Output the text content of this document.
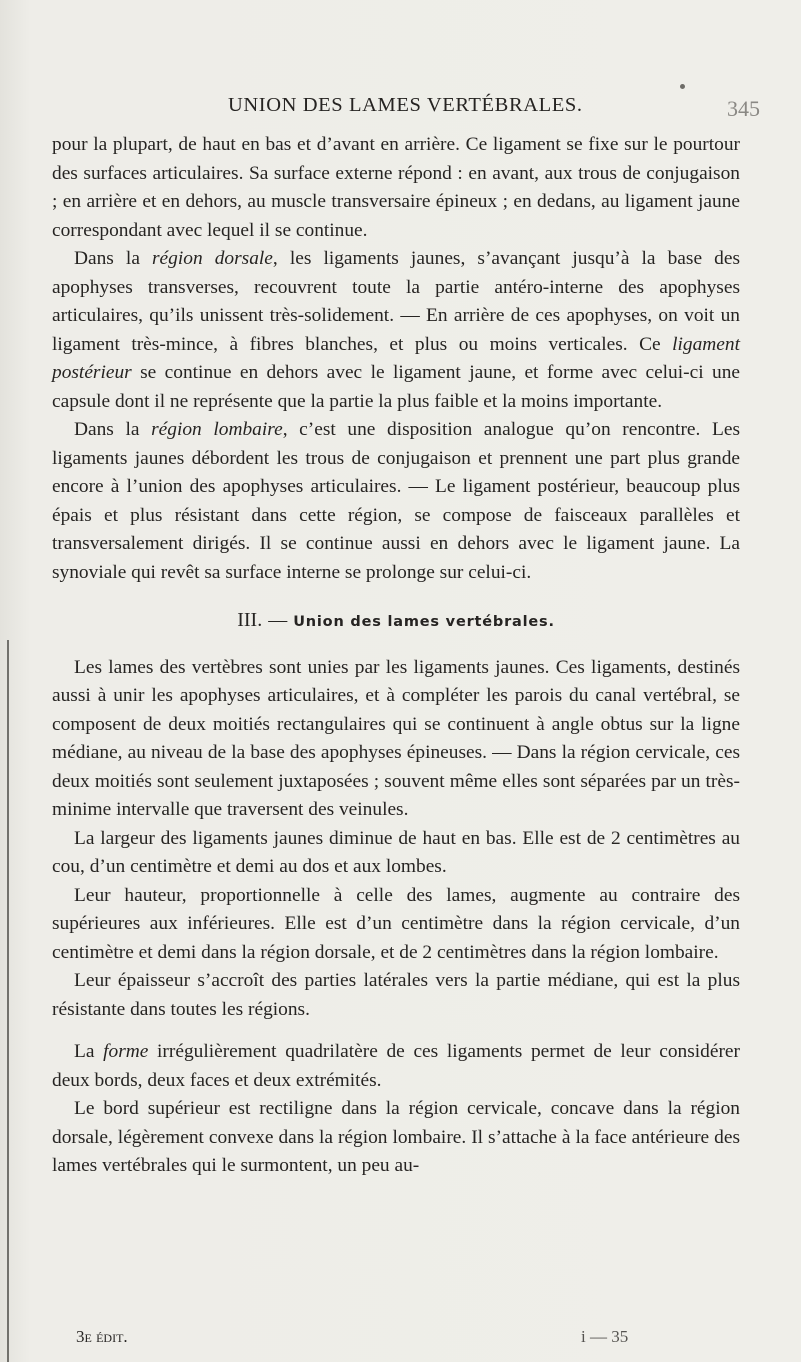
UNION DES LAMES VERTÉBRALES.	345

pour la plupart, de haut en bas et d’avant en arrière. Ce ligament se fixe sur le pourtour des surfaces articulaires. Sa surface externe répond : en avant, aux trous de conjugaison ; en arrière et en dehors, au muscle transversaire épineux ; en dedans, au ligament jaune correspondant avec lequel il se continue.

Dans la région dorsale, les ligaments jaunes, s’avançant jusqu’à la base des apophyses transverses, recouvrent toute la partie antéro-interne des apophyses articulaires, qu’ils unissent très-solidement. — En arrière de ces apophyses, on voit un ligament très-mince, à fibres blanches, et plus ou moins verticales. Ce ligament postérieur se continue en dehors avec le ligament jaune, et forme avec celui-ci une capsule dont il ne représente que la partie la plus faible et la moins importante.

Dans la région lombaire, c’est une disposition analogue qu’on rencontre. Les ligaments jaunes débordent les trous de conjugaison et prennent une part plus grande encore à l’union des apophyses articulaires. — Le ligament postérieur, beaucoup plus épais et plus résistant dans cette région, se compose de faisceaux parallèles et transversalement dirigés. Il se continue aussi en dehors avec le ligament jaune. La synoviale qui revêt sa surface interne se prolonge sur celui-ci.

III. — Union des lames vertébrales.

Les lames des vertèbres sont unies par les ligaments jaunes. Ces ligaments, destinés aussi à unir les apophyses articulaires, et à compléter les parois du canal vertébral, se composent de deux moitiés rectangulaires qui se continuent à angle obtus sur la ligne médiane, au niveau de la base des apophyses épineuses. — Dans la région cervicale, ces deux moitiés sont seulement juxtaposées ; souvent même elles sont séparées par un très-minime intervalle que traversent des veinules.

La largeur des ligaments jaunes diminue de haut en bas. Elle est de 2 centimètres au cou, d’un centimètre et demi au dos et aux lombes.

Leur hauteur, proportionnelle à celle des lames, augmente au contraire des supérieures aux inférieures. Elle est d’un centimètre dans la région cervicale, d’un centimètre et demi dans la région dorsale, et de 2 centimètres dans la région lombaire.

Leur épaisseur s’accroît des parties latérales vers la partie médiane, qui est la plus résistante dans toutes les régions.

La forme irrégulièrement quadrilatère de ces ligaments permet de leur considérer deux bords, deux faces et deux extrémités.

Le bord supérieur est rectiligne dans la région cervicale, concave dans la région dorsale, légèrement convexe dans la région lombaire. Il s’attache à la face antérieure des lames vertébrales qui le surmontent, un peu au-

3e édit.	i — 35
